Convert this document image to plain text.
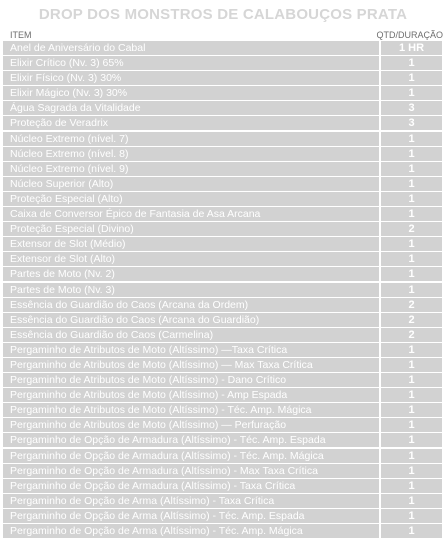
DROP DOS MONSTROS DE CALABOUÇOS PRATA
ITEM	QTD/DURAÇÃO
Anel de Aniversário do Cabal	1 HR
Elixir Crítico (Nv. 3) 65%	1
Elixir Físico (Nv. 3) 30%	1
Elixir Mágico (Nv. 3) 30%	1
Água Sagrada da Vitalidade	3
Proteção de Veradrix	3
Núcleo Extremo (nível. 7)	1
Núcleo Extremo (nível. 8)	1
Núcleo Extremo (nível. 9)	1
Núcleo Superior (Alto)	1
Proteção Especial (Alto)	1
Caixa de Conversor Épico de Fantasia de Asa Arcana	1
Proteção Especial (Divino)	2
Extensor de Slot (Médio)	1
Extensor de Slot (Alto)	1
Partes de Moto (Nv. 2)	1
Partes de Moto (Nv. 3)	1
Essência do Guardião do Caos (Arcana da Ordem)	2
Essência do Guardião do Caos (Arcana do Guardião)	2
Essência do Guardião do Caos (Carmelina)	2
Pergaminho de Atributos de Moto (Altíssimo) —Taxa Crítica	1
Pergaminho de Atributos de Moto (Altíssimo) — Max Taxa Crítica	1
Pergaminho de Atributos de Moto (Altíssimo) - Dano Crítico	1
Pergaminho de Atributos de Moto (Altíssimo) - Amp Espada	1
Pergaminho de Atributos de Moto (Altíssimo) - Téc. Amp. Mágica	1
Pergaminho de Atributos de Moto (Altíssimo) — Perfuração	1
Pergaminho de Opção de Armadura (Altíssimo) - Téc. Amp. Espada	1
Pergaminho de Opção de Armadura (Altíssimo) - Téc. Amp. Mágica	1
Pergaminho de Opção de Armadura (Altíssimo) - Max Taxa Crítica	1
Pergaminho de Opção de Armadura (Altíssimo) - Taxa Crítica	1
Pergaminho de Opção de Arma (Altíssimo) - Taxa Crítica	1
Pergaminho de Opção de Arma (Altíssimo) - Téc. Amp. Espada	1
Pergaminho de Opção de Arma (Altíssimo) - Téc. Amp. Mágica	1
